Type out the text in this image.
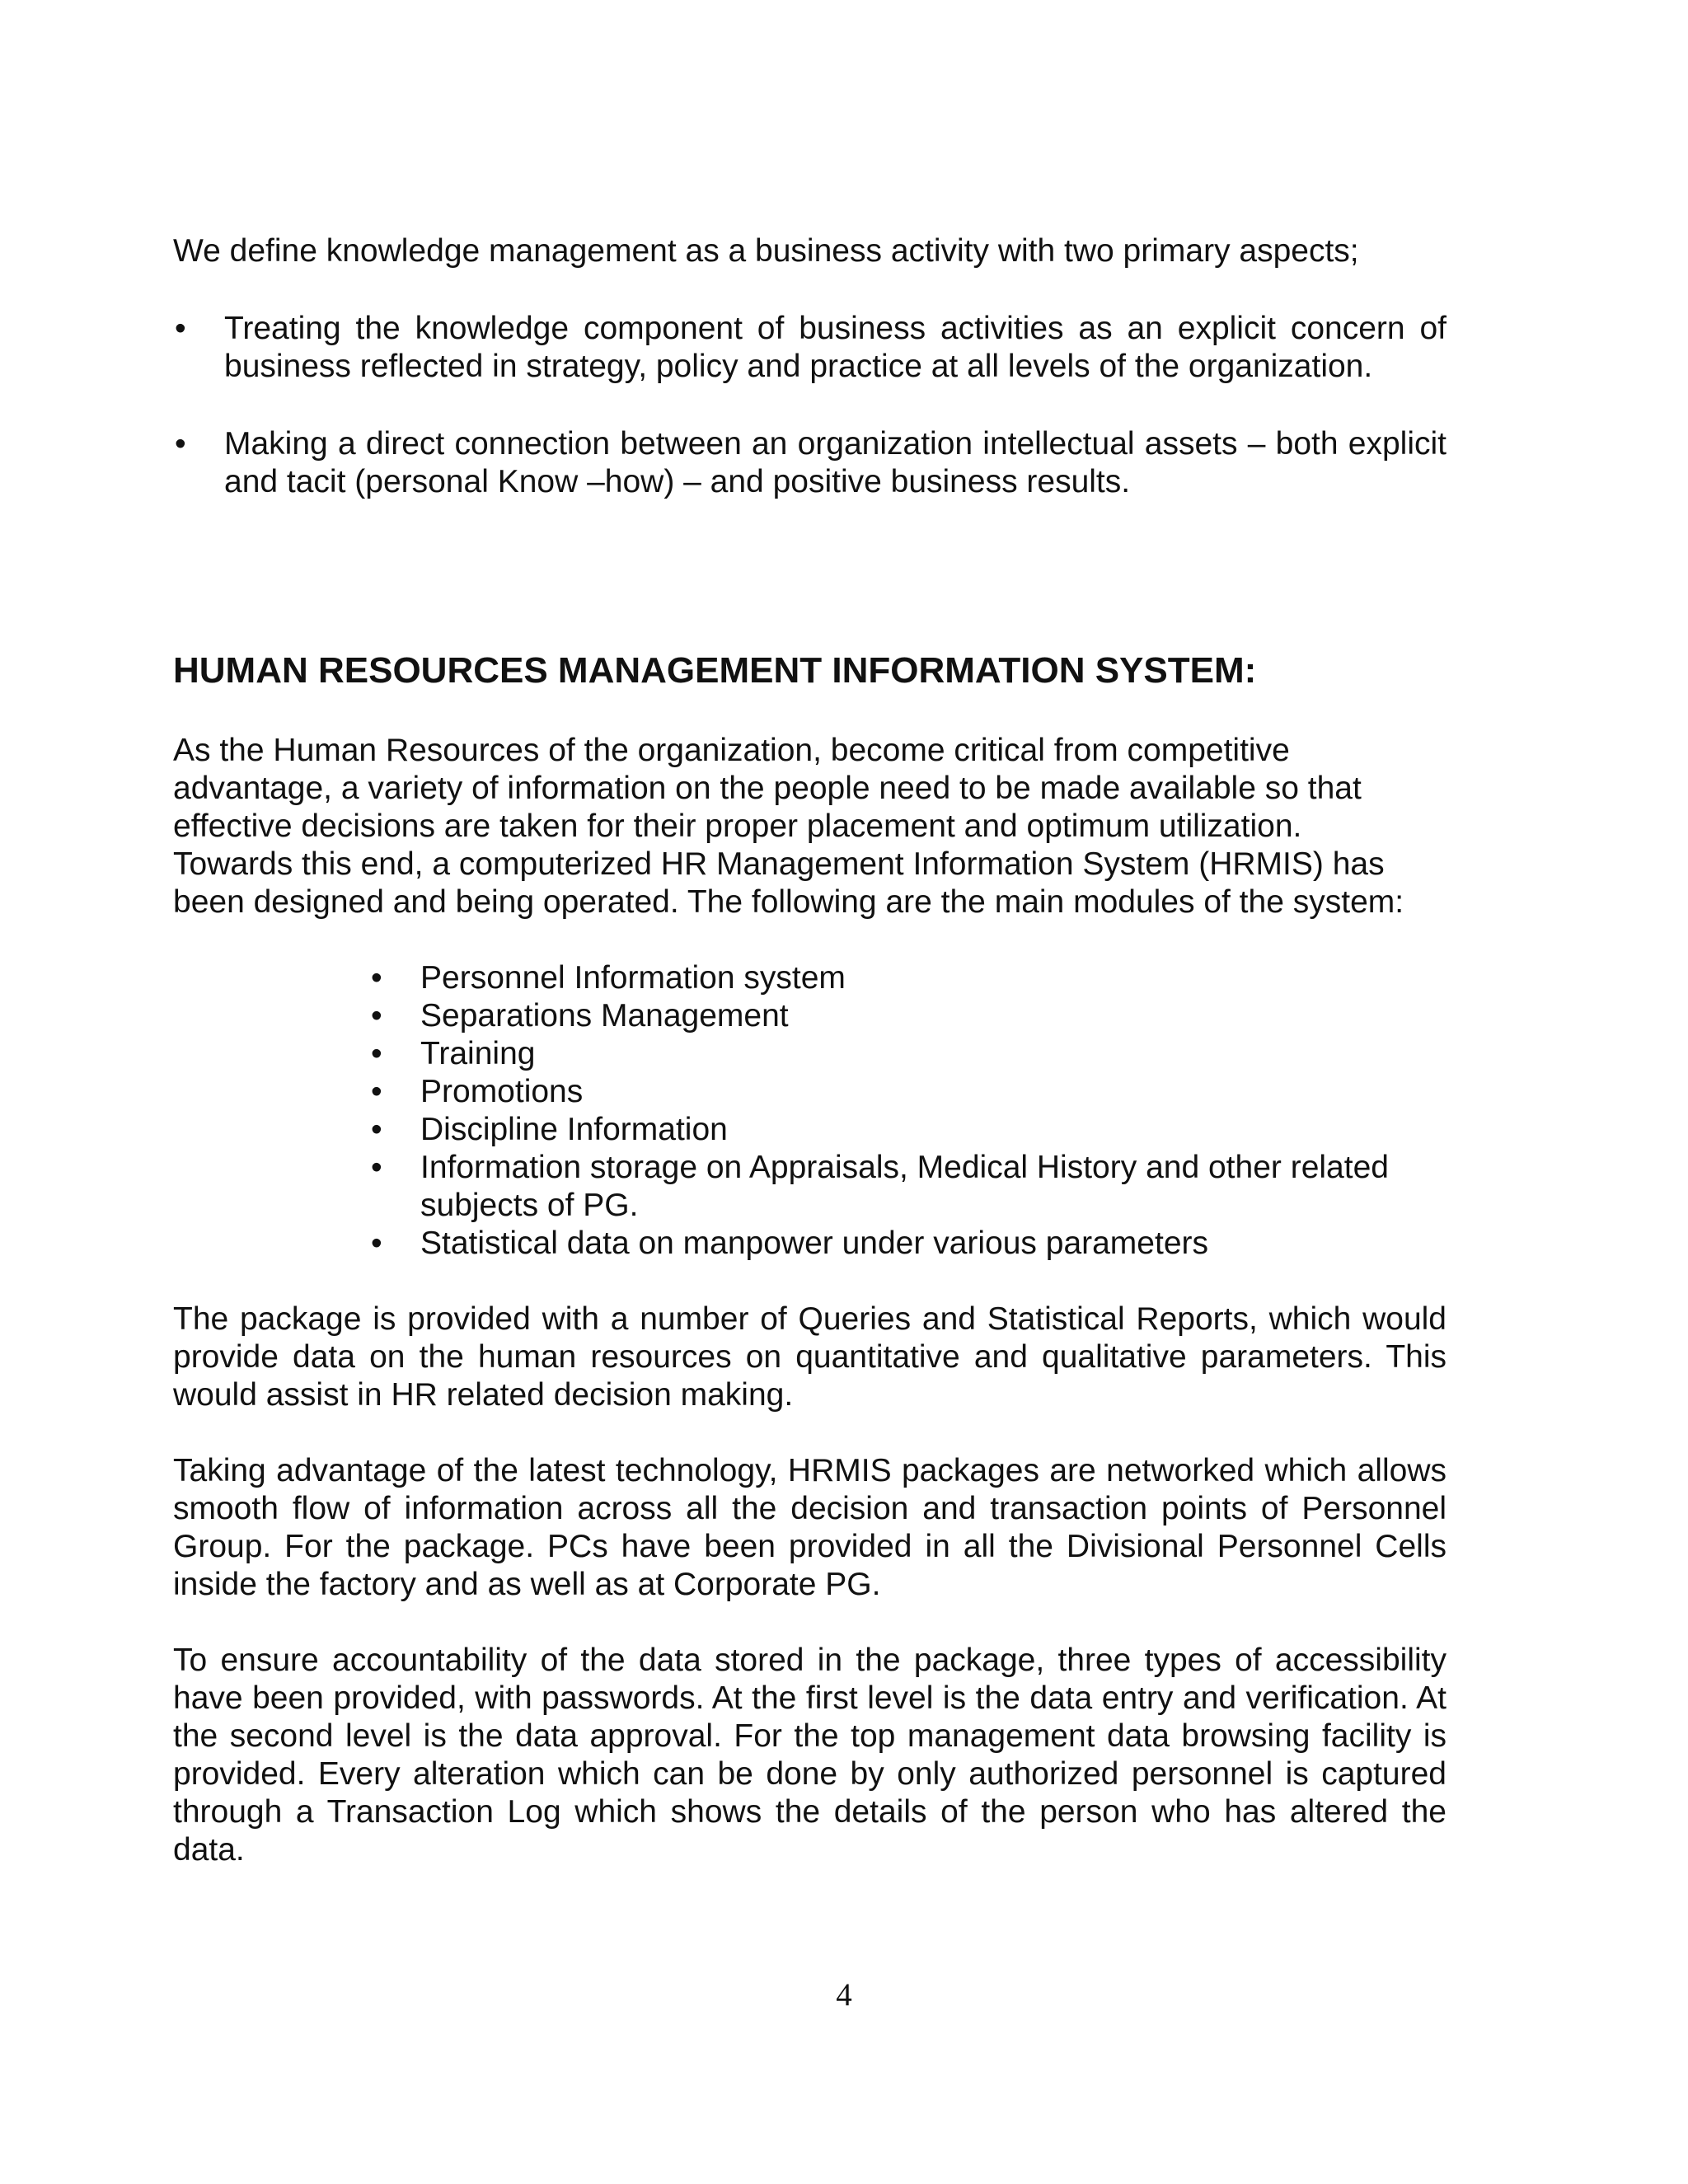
We define knowledge management as a business activity with two primary aspects;

• Treating the knowledge component of business activities as an explicit concern of business reflected in strategy, policy and practice at all levels of the organization.
• Making a direct connection between an organization intellectual assets – both explicit and tacit (personal Know –how) – and positive business results.
HUMAN RESOURCES MANAGEMENT INFORMATION SYSTEM:

As the Human Resources of the organization, become critical from competitive

advantage, a variety of information on the people need to be made available so that

effective decisions are taken for their proper placement and optimum utilization.

Towards this end, a computerized HR Management Information System (HRMIS) has

been designed and being operated. The following are the main modules of the system:

• Personnel Information system
• Separations Management
• Training
• Promotions
• Discipline Information
• Information storage on Appraisals, Medical History and other related subjects of PG.
• Statistical data on manpower under various parameters

The package is provided with a number of Queries and Statistical Reports, which would provide data on the human resources on quantitative and qualitative parameters. This would assist in HR related decision making.

Taking advantage of the latest technology, HRMIS packages are networked which allows smooth flow of information across all the decision and transaction points of Personnel Group. For the package. PCs have been provided in all the Divisional Personnel Cells inside the factory and as well as at Corporate PG.

To ensure accountability of the data stored in the package, three types of accessibility have been provided, with passwords. At the first level is the data entry and verification. At the second level is the data approval. For the top management data browsing facility is provided. Every alteration which can be done by only authorized personnel is captured through a Transaction Log which shows the details of the person who has altered the data.

4
